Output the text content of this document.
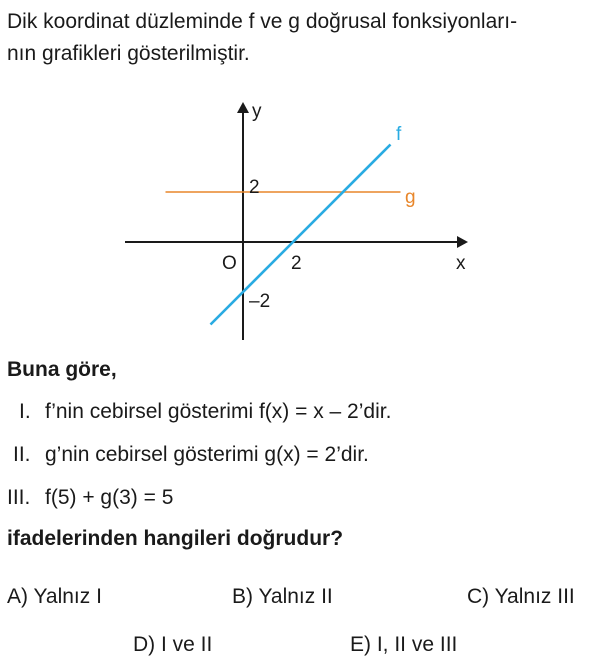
Dik koordinat düzleminde f ve g doğrusal fonksiyonları-
nın grafikleri gösterilmiştir.
y
x
O
2
2
–2
f
g
Buna göre,
I. f’nin cebirsel gösterimi f(x) = x – 2’dir.
II. g’nin cebirsel gösterimi g(x) = 2’dir.
III. f(5) + g(3) = 5
ifadelerinden hangileri doğrudur?
A) Yalnız I	B) Yalnız II	C) Yalnız III
D) I ve II	E) I, II ve III
